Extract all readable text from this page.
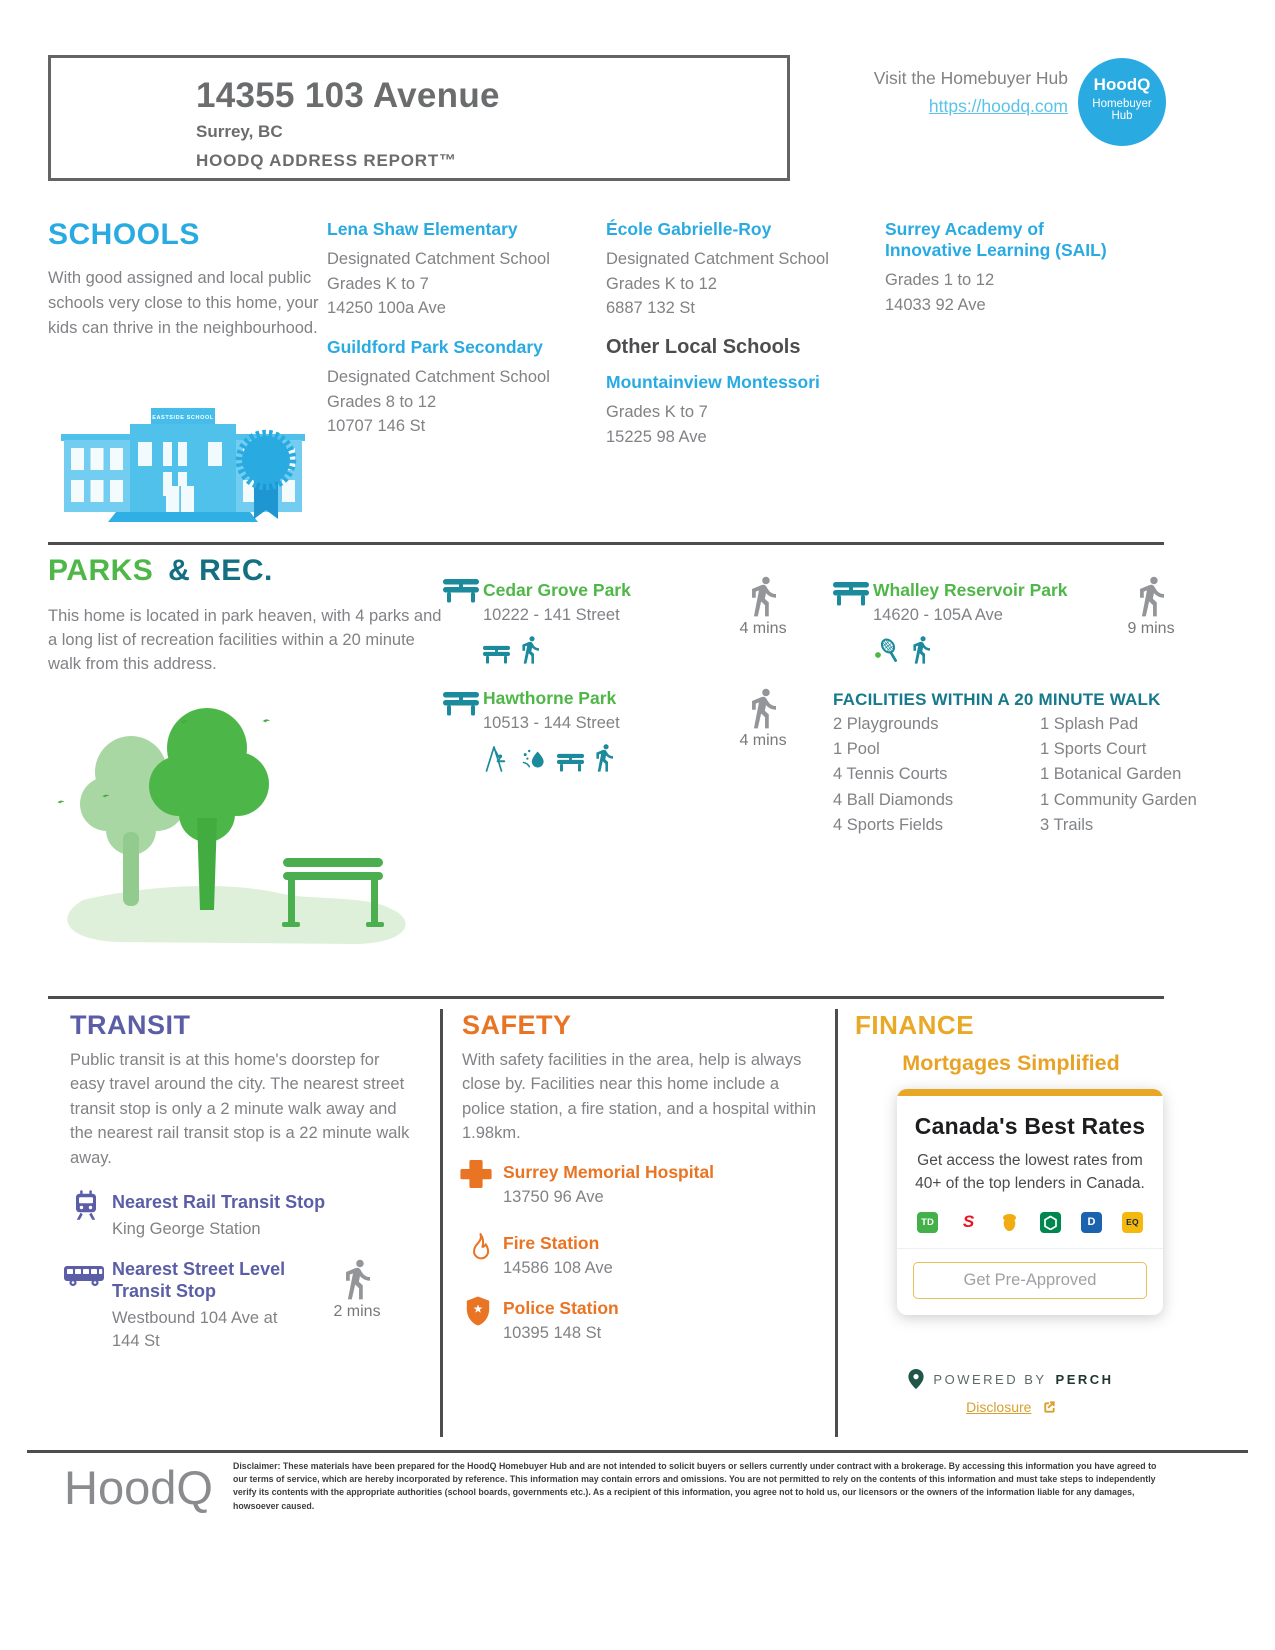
14355 103 Avenue
Surrey, BC
HOODQ ADDRESS REPORT™
Visit the Homebuyer Hub
https://hoodq.com
HoodQ
Homebuyer
Hub
SCHOOLS
With good assigned and local public schools very close to this home, your kids can thrive in the neighbourhood.
Lena Shaw Elementary
Designated Catchment School
Grades K to 7
14250 100a Ave
Guildford Park Secondary
Designated Catchment School
Grades 8 to 12
10707 146 St
École Gabrielle-Roy
Designated Catchment School
Grades K to 12
6887 132 St
Other Local Schools
Mountainview Montessori
Grades K to 7
15225 98 Ave
Surrey Academy of Innovative Learning (SAIL)
Grades 1 to 12
14033 92 Ave
EASTSIDE SCHOOL
PARKS & REC.
This home is located in park heaven, with 4 parks and a long list of recreation facilities within a 20 minute walk from this address.
Cedar Grove Park
10222 - 141 Street
4 mins
Hawthorne Park
10513 - 144 Street
4 mins
Whalley Reservoir Park
14620 - 105A Ave
9 mins
FACILITIES WITHIN A 20 MINUTE WALK
2 Playgrounds
1 Pool
4 Tennis Courts
4 Ball Diamonds
4 Sports Fields
1 Splash Pad
1 Sports Court
1 Botanical Garden
1 Community Garden
3 Trails
TRANSIT
Public transit is at this home's doorstep for easy travel around the city. The nearest street transit stop is only a 2 minute walk away and the nearest rail transit stop is a 22 minute walk away.
Nearest Rail Transit Stop
King George Station
Nearest Street Level Transit Stop
Westbound 104 Ave at 144 St
2 mins
SAFETY
With safety facilities in the area, help is always close by. Facilities near this home include a police station, a fire station, and a hospital within 1.98km.
Surrey Memorial Hospital
13750 96 Ave
Fire Station
14586 108 Ave
Police Station
10395 148 St
FINANCE
Mortgages Simplified
Canada's Best Rates
Get access the lowest rates from 40+ of the top lenders in Canada.
TD S	D	EQ
Get Pre-Approved
POWERED BY PERCH
Disclosure
HoodQ Disclaimer: These materials have been prepared for the HoodQ Homebuyer Hub and are not intended to solicit buyers or sellers currently under contract with a brokerage. By accessing this information you have agreed to our terms of service, which are hereby incorporated by reference. This information may contain errors and omissions. You are not permitted to rely on the contents of this information and must take steps to independently verify its contents with the appropriate authorities (school boards, governments etc.). As a recipient of this information, you agree not to hold us, our licensors or the owners of the information liable for any damages, howsoever caused.
